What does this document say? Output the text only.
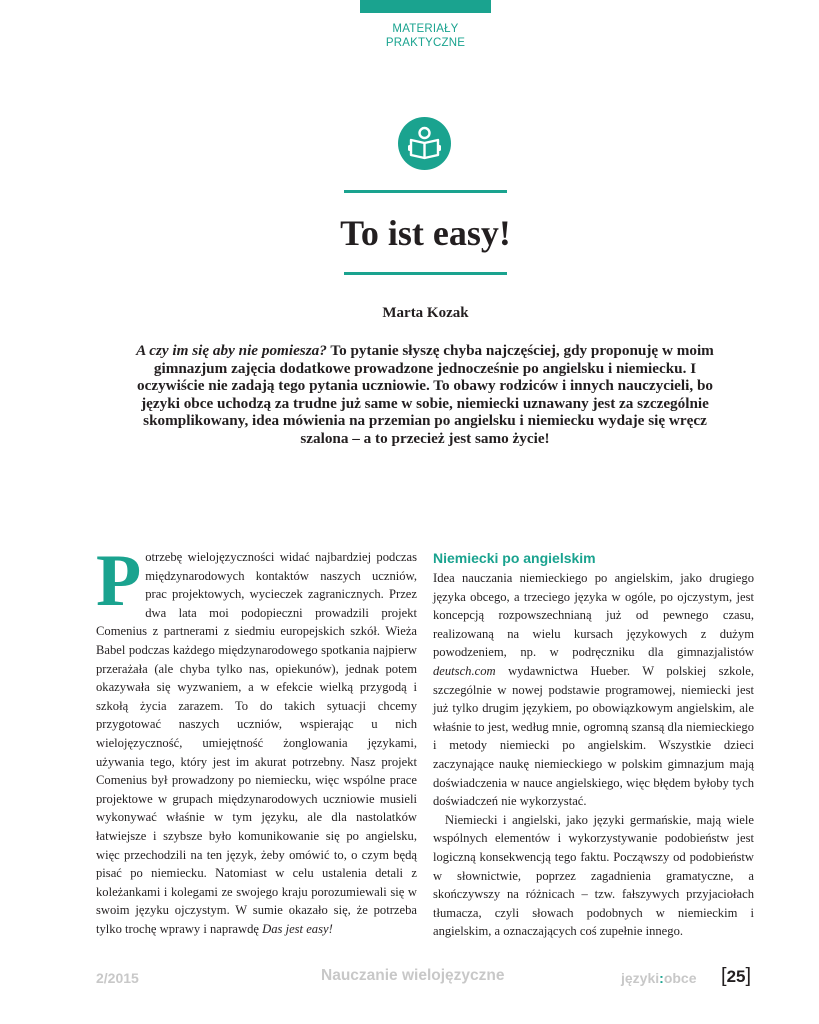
MATERIAŁY
PRAKTYCZNE
To ist easy!
Marta Kozak
A czy im się aby nie pomiesza? To pytanie słyszę chyba najczęściej, gdy proponuję w moim gimnazjum zajęcia dodatkowe prowadzone jednocześnie po angielsku i niemiecku. I oczywiście nie zadają tego pytania uczniowie. To obawy rodziców i innych nauczycieli, bo języki obce uchodzą za trudne już same w sobie, niemiecki uznawany jest za szczególnie skomplikowany, idea mówienia na przemian po angielsku i niemiecku wydaje się wręcz szalona – a to przecież jest samo życie!

Potrzebę wielojęzyczności widać najbardziej podczas międzynarodowych kontaktów naszych uczniów, prac projektowych, wycieczek zagranicznych. Przez dwa lata moi podopieczni prowadzili projekt Comenius z partnerami z siedmiu europejskich szkół. Wieża Babel podczas każdego międzynarodowego spotkania najpierw przerażała (ale chyba tylko nas, opiekunów), jednak potem okazywała się wyzwaniem, a w efekcie wielką przygodą i szkołą życia zarazem. To do takich sytuacji chcemy przygotować naszych uczniów, wspierając u nich wielojęzyczność, umiejętność żonglowania językami, używania tego, który jest im akurat potrzebny. Nasz projekt Comenius był prowadzony po niemiecku, więc wspólne prace projektowe w grupach międzynarodowych uczniowie musieli wykonywać właśnie w tym języku, ale dla nastolatków łatwiejsze i szybsze było komunikowanie się po angielsku, więc przechodzili na ten język, żeby omówić to, o czym będą pisać po niemiecku. Natomiast w celu ustalenia detali z koleżankami i kolegami ze swojego kraju porozumiewali się w swoim języku ojczystym. W sumie okazało się, że potrzeba tylko trochę wprawy i naprawdę Das jest easy!

Niemiecki po angielskim

Idea nauczania niemieckiego po angielskim, jako drugiego języka obcego, a trzeciego języka w ogóle, po ojczystym, jest koncepcją rozpowszechnianą już od pewnego czasu, realizowaną na wielu kursach językowych z dużym powodzeniem, np. w podręczniku dla gimnazjalistów deutsch.com wydawnictwa Hueber. W polskiej szkole, szczególnie w nowej podstawie programowej, niemiecki jest już tylko drugim językiem, po obowiązkowym angielskim, ale właśnie to jest, według mnie, ogromną szansą dla niemieckiego i metody niemiecki po angielskim. Wszystkie dzieci zaczynające naukę niemieckiego w polskim gimnazjum mają doświadczenia w nauce angielskiego, więc błędem byłoby tych doświadczeń nie wykorzystać.

Niemiecki i angielski, jako języki germańskie, mają wiele wspólnych elementów i wykorzystywanie podobieństw jest logiczną konsekwencją tego faktu. Począwszy od podobieństw w słownictwie, poprzez zagadnienia gramatyczne, a skończywszy na różnicach – tzw. fałszywych przyjaciołach tłumacza, czyli słowach podobnych w niemieckim i angielskim, a oznaczających coś zupełnie innego.

2/2015	Nauczanie wielojęzyczne	języki:obce [25]
